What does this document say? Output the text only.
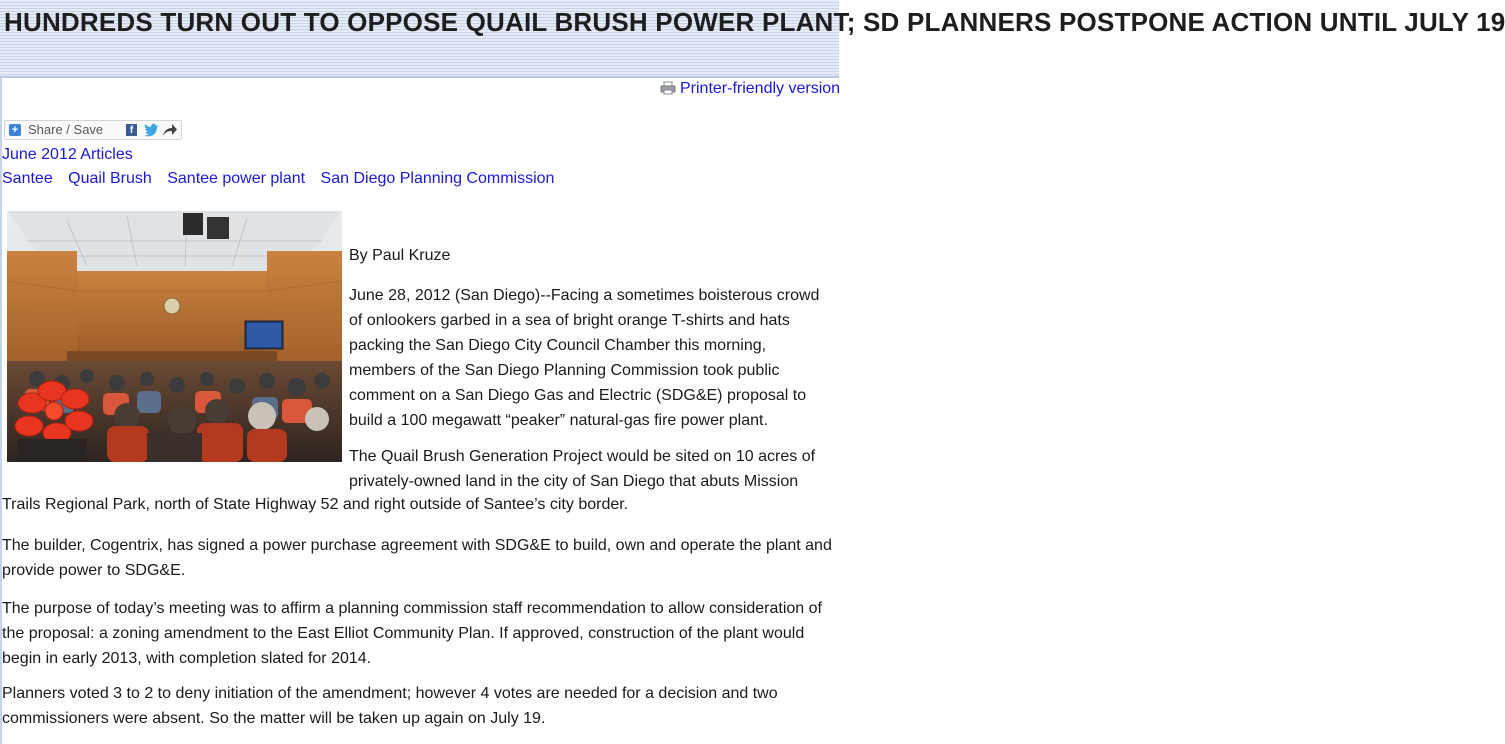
HUNDREDS TURN OUT TO OPPOSE QUAIL BRUSH POWER PLANT; SD PLANNERS POSTPONE ACTION UNTIL JULY 19
Printer-friendly version
+ Share / Save	f
June 2012 Articles
Santee Quail Brush Santee power plant San Diego Planning Commission
By Paul Kruze
June 28, 2012 (San Diego)--Facing a sometimes boisterous crowd of onlookers garbed in a sea of bright orange T-shirts and hats packing the San Diego City Council Chamber this morning, members of the San Diego Planning Commission took public comment on a San Diego Gas and Electric (SDG&E) proposal to build a 100 megawatt “peaker” natural-gas fire power plant.
The Quail Brush Generation Project would be sited on 10 acres of privately-owned land in the city of San Diego that abuts Mission
Trails Regional Park, north of State Highway 52 and right outside of Santee’s city border.
The builder, Cogentrix, has signed a power purchase agreement with SDG&E to build, own and operate the plant and provide power to SDG&E.
The purpose of today’s meeting was to affirm a planning commission staff recommendation to allow consideration of the proposal: a zoning amendment to the East Elliot Community Plan. If approved, construction of the plant would begin in early 2013, with completion slated for 2014.
Planners voted 3 to 2 to deny initiation of the amendment; however 4 votes are needed for a decision and two commissioners were absent. So the matter will be taken up again on July 19.
